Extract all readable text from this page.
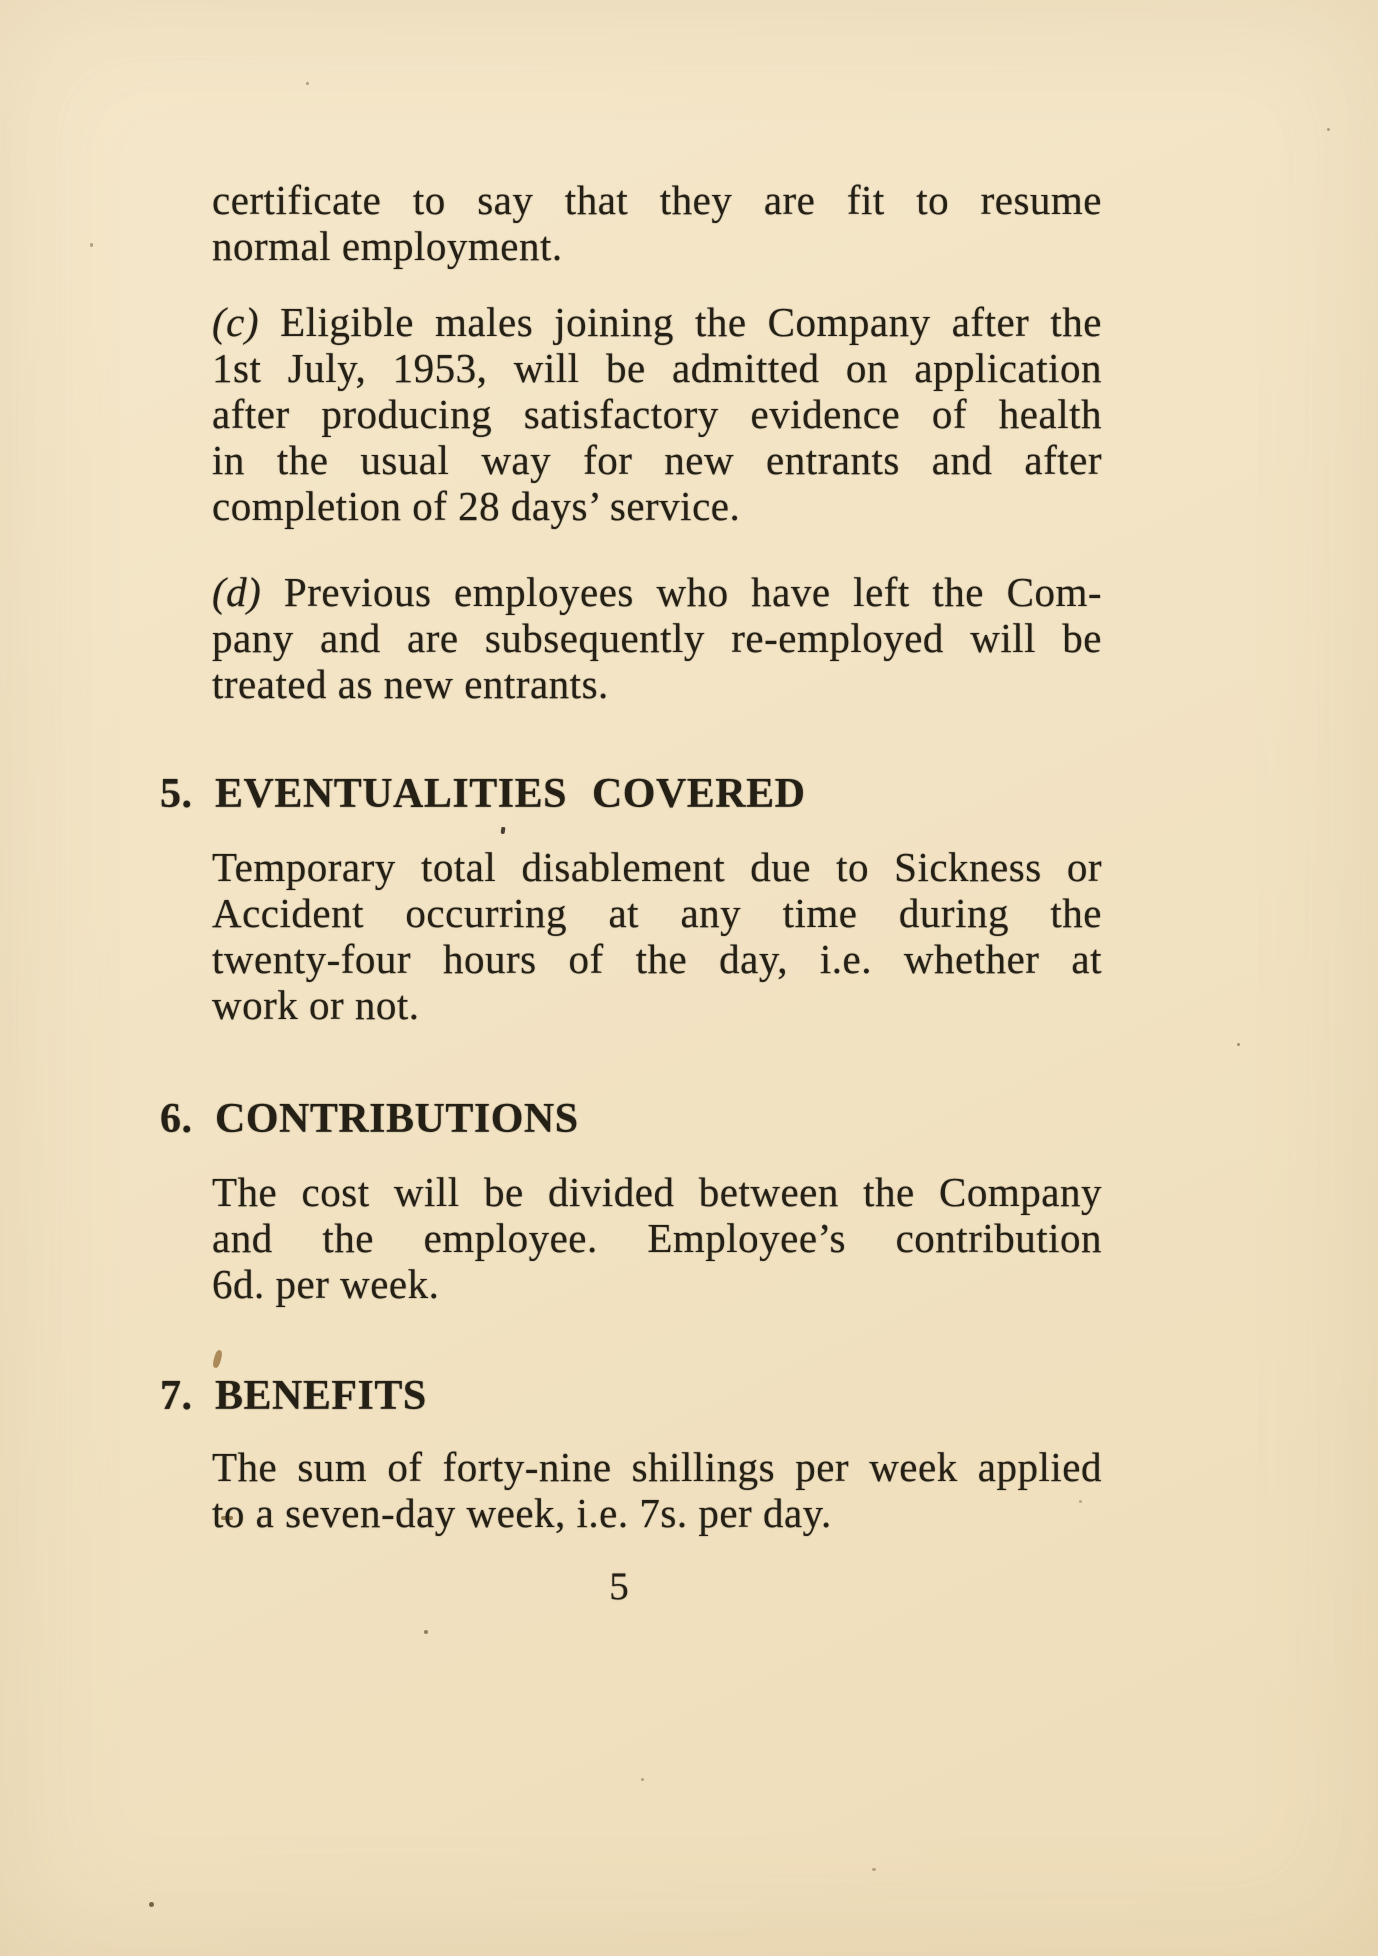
certificate to say that they are fit to resume
normal employment.

(c) Eligible males joining the Company after the
1st July, 1953, will be admitted on application
after producing satisfactory evidence of health
in the usual way for new entrants and after
completion of 28 days’ service.

(d) Previous employees who have left the Com-
pany and are subsequently re-employed will be
treated as new entrants.

5. EVENTUALITIES COVERED

Temporary total disablement due to Sickness or
Accident occurring at any time during the
twenty-four hours of the day, i.e. whether at
work or not.

6. CONTRIBUTIONS

The cost will be divided between the Company
and the employee. Employee’s contribution
6d. per week.

7. BENEFITS

The sum of forty-nine shillings per week applied
to a seven-day week, i.e. 7s. per day.

5
